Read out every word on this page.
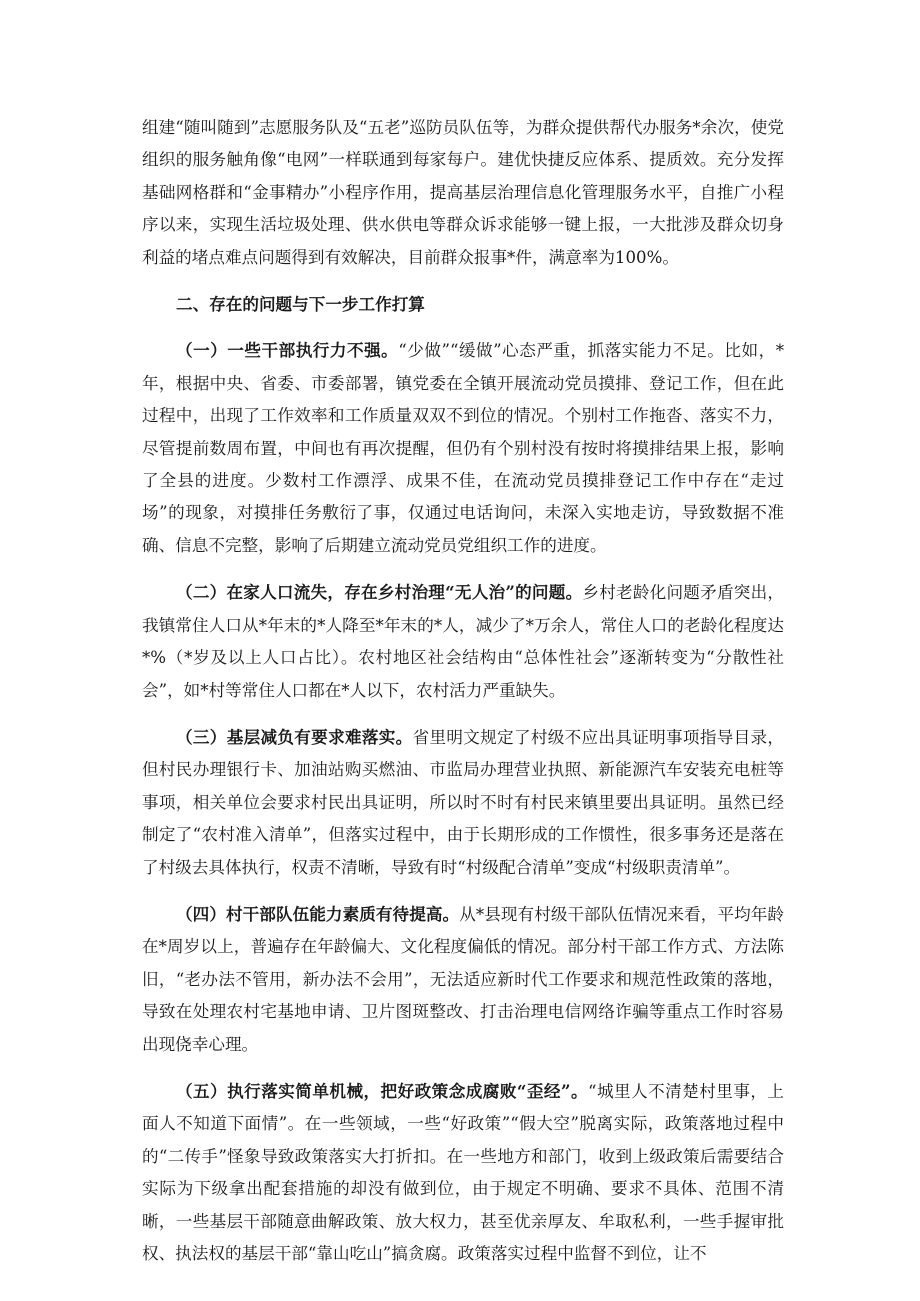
组建“随叫随到”志愿服务队及“五老”巡防员队伍等，为群众提供帮代办服务*余次，使党组织的服务触角像“电网”一样联通到每家每户。建优快捷反应体系、提质效。充分发挥基础网格群和“金事精办”小程序作用，提高基层治理信息化管理服务水平，自推广小程序以来，实现生活垃圾处理、供水供电等群众诉求能够一键上报，一大批涉及群众切身利益的堵点难点问题得到有效解决，目前群众报事*件，满意率为100%。

二、存在的问题与下一步工作打算

（一）一些干部执行力不强。“少做”“缓做”心态严重，抓落实能力不足。比如，*年，根据中央、省委、市委部署，镇党委在全镇开展流动党员摸排、登记工作，但在此过程中，出现了工作效率和工作质量双双不到位的情况。个别村工作拖沓、落实不力，尽管提前数周布置，中间也有再次提醒，但仍有个别村没有按时将摸排结果上报，影响了全县的进度。少数村工作漂浮、成果不佳，在流动党员摸排登记工作中存在“走过场”的现象，对摸排任务敷衍了事，仅通过电话询问，未深入实地走访，导致数据不准确、信息不完整，影响了后期建立流动党员党组织工作的进度。

（二）在家人口流失，存在乡村治理“无人治”的问题。乡村老龄化问题矛盾突出，我镇常住人口从*年末的*人降至*年末的*人，减少了*万余人，常住人口的老龄化程度达*%（*岁及以上人口占比）。农村地区社会结构由“总体性社会”逐渐转变为“分散性社会”，如*村等常住人口都在*人以下，农村活力严重缺失。

（三）基层减负有要求难落实。省里明文规定了村级不应出具证明事项指导目录，但村民办理银行卡、加油站购买燃油、市监局办理营业执照、新能源汽车安装充电桩等事项，相关单位会要求村民出具证明，所以时不时有村民来镇里要出具证明。虽然已经制定了“农村准入清单”，但落实过程中，由于长期形成的工作惯性，很多事务还是落在了村级去具体执行，权责不清晰，导致有时“村级配合清单”变成“村级职责清单”。

（四）村干部队伍能力素质有待提高。从*县现有村级干部队伍情况来看，平均年龄在*周岁以上，普遍存在年龄偏大、文化程度偏低的情况。部分村干部工作方式、方法陈旧，“老办法不管用，新办法不会用”，无法适应新时代工作要求和规范性政策的落地，导致在处理农村宅基地申请、卫片图斑整改、打击治理电信网络诈骗等重点工作时容易出现侥幸心理。

（五）执行落实简单机械，把好政策念成腐败“歪经”。“城里人不清楚村里事，上面人不知道下面情”。在一些领域，一些“好政策”“假大空”脱离实际，政策落地过程中的“二传手”怪象导致政策落实大打折扣。在一些地方和部门，收到上级政策后需要结合实际为下级拿出配套措施的却没有做到位，由于规定不明确、要求不具体、范围不清晰，一些基层干部随意曲解政策、放大权力，甚至优亲厚友、牟取私利，一些手握审批权、执法权的基层干部“靠山吃山”搞贪腐。政策落实过程中监督不到位，让不
